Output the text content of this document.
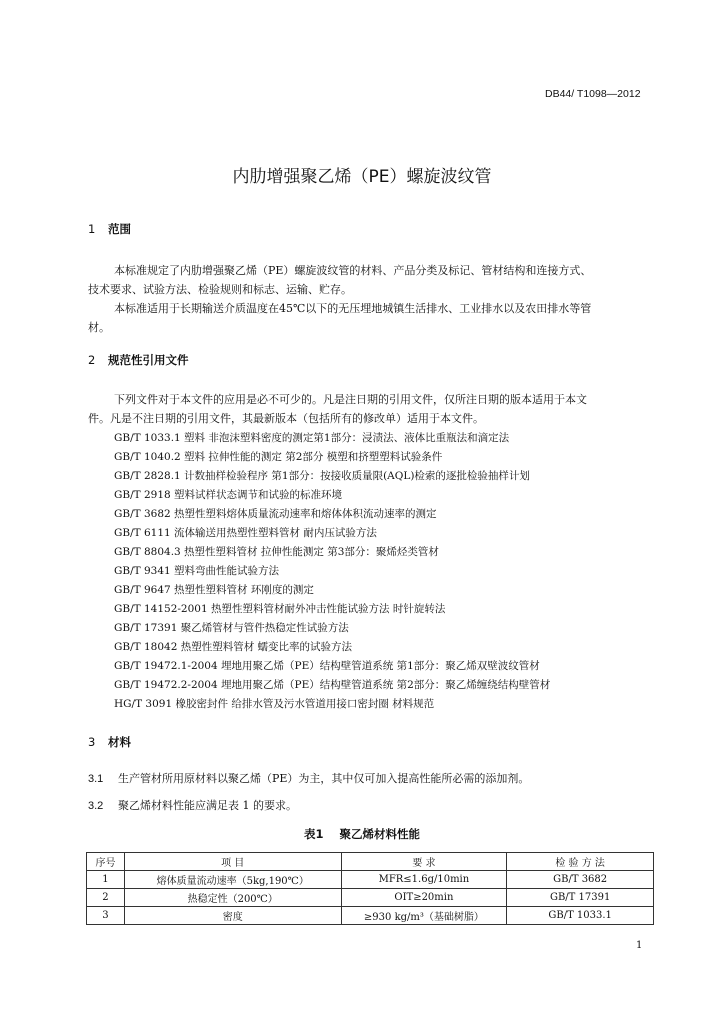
DB44/ T1098—2012
内肋增强聚乙烯（PE）螺旋波纹管
1 范围
本标准规定了内肋增强聚乙烯（PE）螺旋波纹管的材料、产品分类及标记、管材结构和连接方式、
技术要求、试验方法、检验规则和标志、运输、贮存。
本标准适用于长期输送介质温度在45℃以下的无压埋地城镇生活排水、工业排水以及农田排水等管
材。
2 规范性引用文件
下列文件对于本文件的应用是必不可少的。凡是注日期的引用文件，仅所注日期的版本适用于本文
件。凡是不注日期的引用文件，其最新版本（包括所有的修改单）适用于本文件。
GB/T 1033.1 塑料 非泡沫塑料密度的测定第1部分：浸渍法、液体比重瓶法和滴定法
GB/T 1040.2 塑料 拉伸性能的测定 第2部分 模塑和挤塑塑料试验条件
GB/T 2828.1 计数抽样检验程序 第1部分：按接收质量限(AQL)检索的逐批检验抽样计划
GB/T 2918 塑料试样状态调节和试验的标准环境
GB/T 3682 热塑性塑料熔体质量流动速率和熔体体积流动速率的测定
GB/T 6111 流体输送用热塑性塑料管材 耐内压试验方法
GB/T 8804.3 热塑性塑料管材 拉伸性能测定 第3部分：聚烯烃类管材
GB/T 9341 塑料弯曲性能试验方法
GB/T 9647 热塑性塑料管材 环刚度的测定
GB/T 14152-2001 热塑性塑料管材耐外冲击性能试验方法 时针旋转法
GB/T 17391 聚乙烯管材与管件热稳定性试验方法
GB/T 18042 热塑性塑料管材 蠕变比率的试验方法
GB/T 19472.1-2004 埋地用聚乙烯（PE）结构壁管道系统 第1部分：聚乙烯双壁波纹管材
GB/T 19472.2-2004 埋地用聚乙烯（PE）结构壁管道系统 第2部分：聚乙烯缠绕结构壁管材
HG/T 3091 橡胶密封件 给排水管及污水管道用接口密封圈 材料规范
3 材料
3.1 生产管材所用原材料以聚乙烯（PE）为主，其中仅可加入提高性能所必需的添加剂。
3.2 聚乙烯材料性能应满足表 1 的要求。
表1 聚乙烯材料性能
序号	项 目	要 求	检 验 方 法
1	熔体质量流动速率（5kg,190℃）	MFR≤1.6g/10min	GB/T 3682
2	热稳定性（200℃）	OIT≥20min	GB/T 17391
3	密度	≥930 kg/m³（基础树脂）	GB/T 1033.1
1
